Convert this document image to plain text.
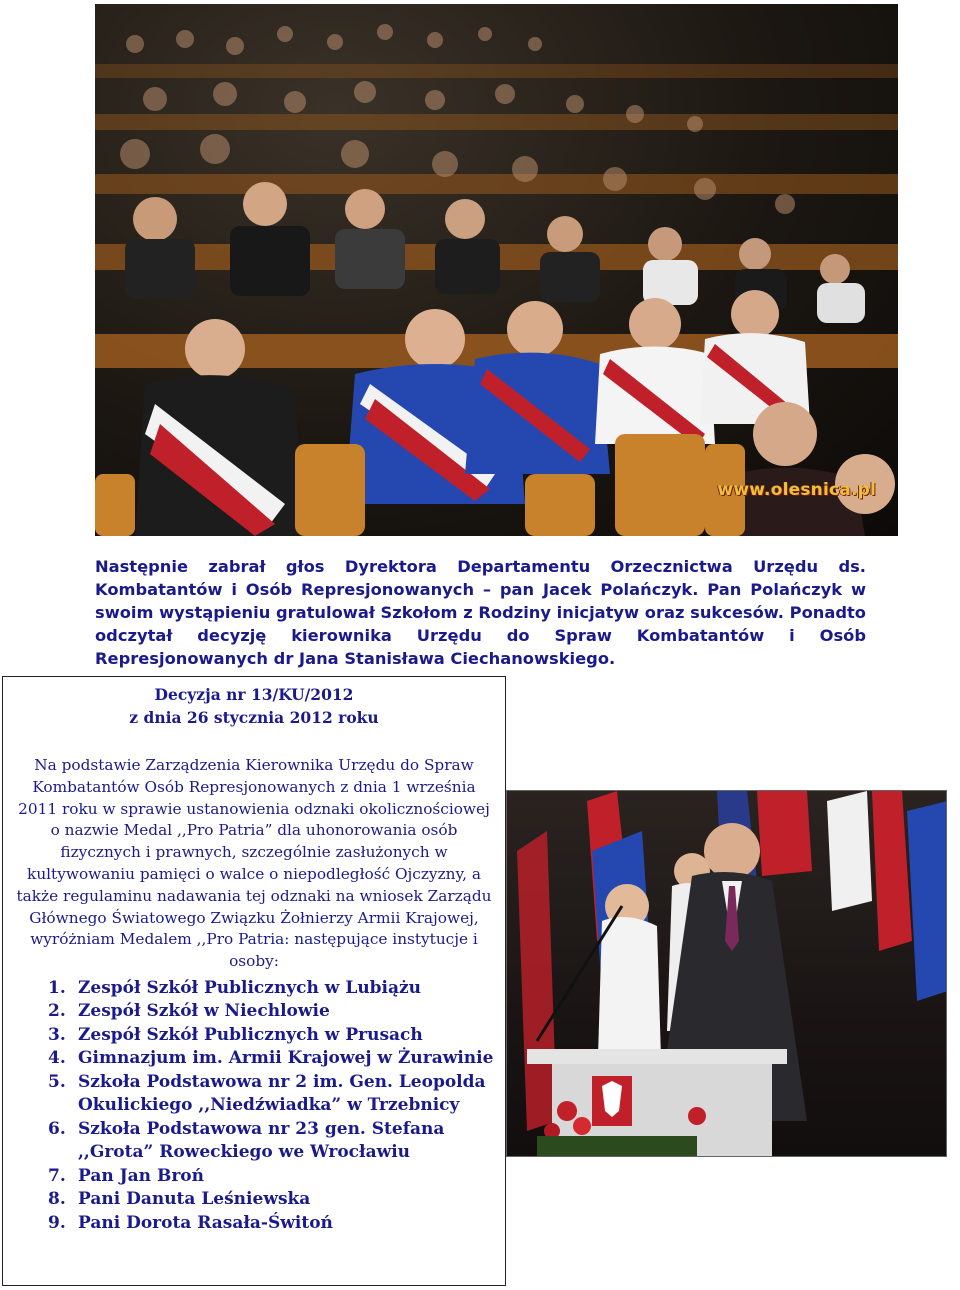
www.olesnica.pl

Następnie zabrał głos Dyrektora Departamentu Orzecznictwa Urzędu ds. Kombatantów i Osób Represjonowanych – pan Jacek Polańczyk. Pan Polańczyk w swoim wystąpieniu gratulował Szkołom z Rodziny inicjatyw oraz sukcesów. Ponadto odczytał decyzję kierownika Urzędu do Spraw Kombatantów i Osób Represjonowanych dr Jana Stanisława Ciechanowskiego.

Decyzja nr 13/KU/2012
z dnia 26 stycznia 2012 roku
Na podstawie Zarządzenia Kierownika Urzędu do Spraw Kombatantów Osób Represjonowanych z dnia 1 września 2011 roku w sprawie ustanowienia odznaki okolicznościowej o nazwie Medal ,,Pro Patria” dla uhonorowania osób fizycznych i prawnych, szczególnie zasłużonych w kultywowaniu pamięci o walce o niepodległość Ojczyzny, a także regulaminu nadawania tej odznaki na wniosek Zarządu Głównego Światowego Związku Żołnierzy Armii Krajowej, wyróżniam Medalem ,,Pro Patria: następujące instytucje i osoby:
1. Zespół Szkół Publicznych w Lubiążu
2. Zespół Szkół w Niechlowie
3. Zespół Szkół Publicznych w Prusach
4. Gimnazjum im. Armii Krajowej w Żurawinie
5. Szkoła Podstawowa nr 2 im. Gen. Leopolda Okulickiego ,,Niedźwiadka” w Trzebnicy
6. Szkoła Podstawowa nr 23 gen. Stefana ,,Grota” Roweckiego we Wrocławiu
7. Pan Jan Broń
8. Pani Danuta Leśniewska
9. Pani Dorota Rasała-Świtoń
